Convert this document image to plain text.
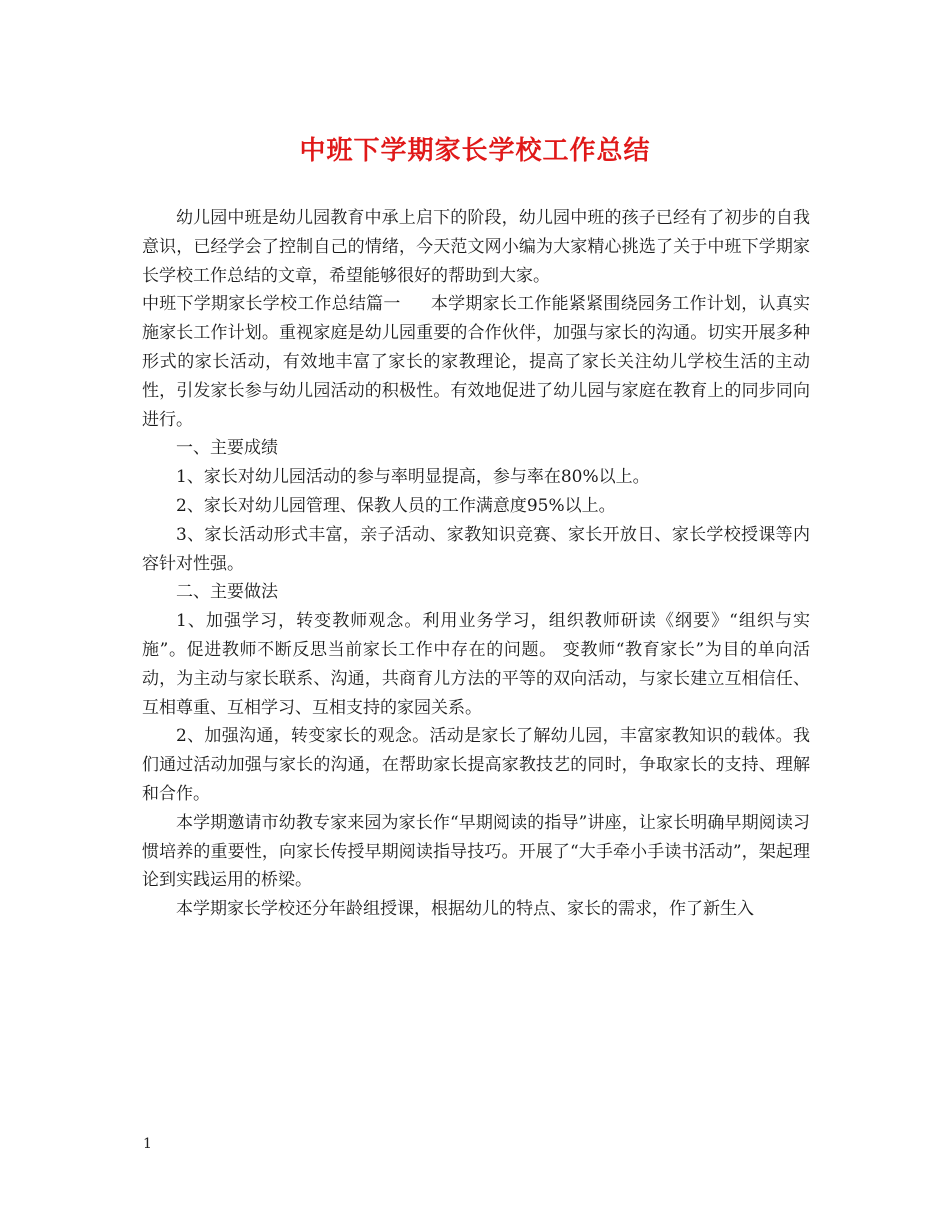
中班下学期家长学校工作总结

幼儿园中班是幼儿园教育中承上启下的阶段，幼儿园中班的孩子已经有了初步的自我意识，已经学会了控制自己的情绪，今天范文网小编为大家精心挑选了关于中班下学期家长学校工作总结的文章，希望能够很好的帮助到大家。

中班下学期家长学校工作总结篇一 本学期家长工作能紧紧围绕园务工作计划，认真实施家长工作计划。重视家庭是幼儿园重要的合作伙伴，加强与家长的沟通。切实开展多种形式的家长活动，有效地丰富了家长的家教理论，提高了家长关注幼儿学校生活的主动性，引发家长参与幼儿园活动的积极性。有效地促进了幼儿园与家庭在教育上的同步同向进行。

一、主要成绩

1、家长对幼儿园活动的参与率明显提高，参与率在80%以上。

2、家长对幼儿园管理、保教人员的工作满意度95%以上。

3、家长活动形式丰富，亲子活动、家教知识竞赛、家长开放日、家长学校授课等内容针对性强。

二、主要做法

1、加强学习，转变教师观念。利用业务学习，组织教师研读《纲要》“组织与实施”。促进教师不断反思当前家长工作中存在的问题。 变教师“教育家长”为目的单向活动，为主动与家长联系、沟通，共商育儿方法的平等的双向活动，与家长建立互相信任、互相尊重、互相学习、互相支持的家园关系。

2、加强沟通，转变家长的观念。活动是家长了解幼儿园，丰富家教知识的载体。我们通过活动加强与家长的沟通，在帮助家长提高家教技艺的同时，争取家长的支持、理解和合作。

本学期邀请市幼教专家来园为家长作“早期阅读的指导”讲座，让家长明确早期阅读习惯培养的重要性，向家长传授早期阅读指导技巧。开展了“大手牵小手读书活动”，架起理论到实践运用的桥梁。

本学期家长学校还分年龄组授课，根据幼儿的特点、家长的需求，作了新生入

1
